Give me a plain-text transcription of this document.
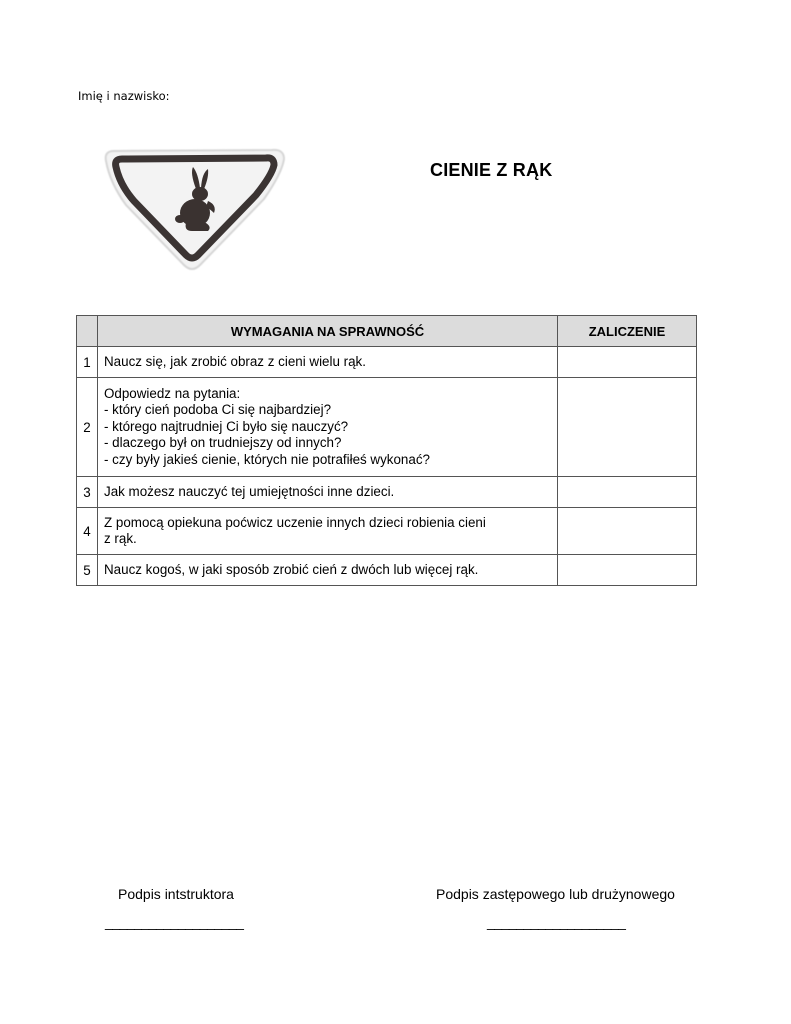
Imię i nazwisko:
CIENIE Z RĄK
	WYMAGANIA NA SPRAWNOŚĆ	ZALICZENIE
1	Naucz się, jak zrobić obraz z cieni wielu rąk.	

2	Odpowiedz na pytania:
- który cień podoba Ci się najbardziej?
- którego najtrudniej Ci było się nauczyć?
- dlaczego był on trudniejszy od innych?
- czy były jakieś cienie, których nie potrafiłeś wykonać?	

3	Jak możesz nauczyć tej umiejętności inne dzieci.	

4	Z pomocą opiekuna poćwicz uczenie innych dzieci robienia cieni
z rąk.	

5	Naucz kogoś, w jaki sposób zrobić cień z dwóch lub więcej rąk.	

Podpis intstruktora	Podpis zastępowego lub drużynowego
___________________	___________________
